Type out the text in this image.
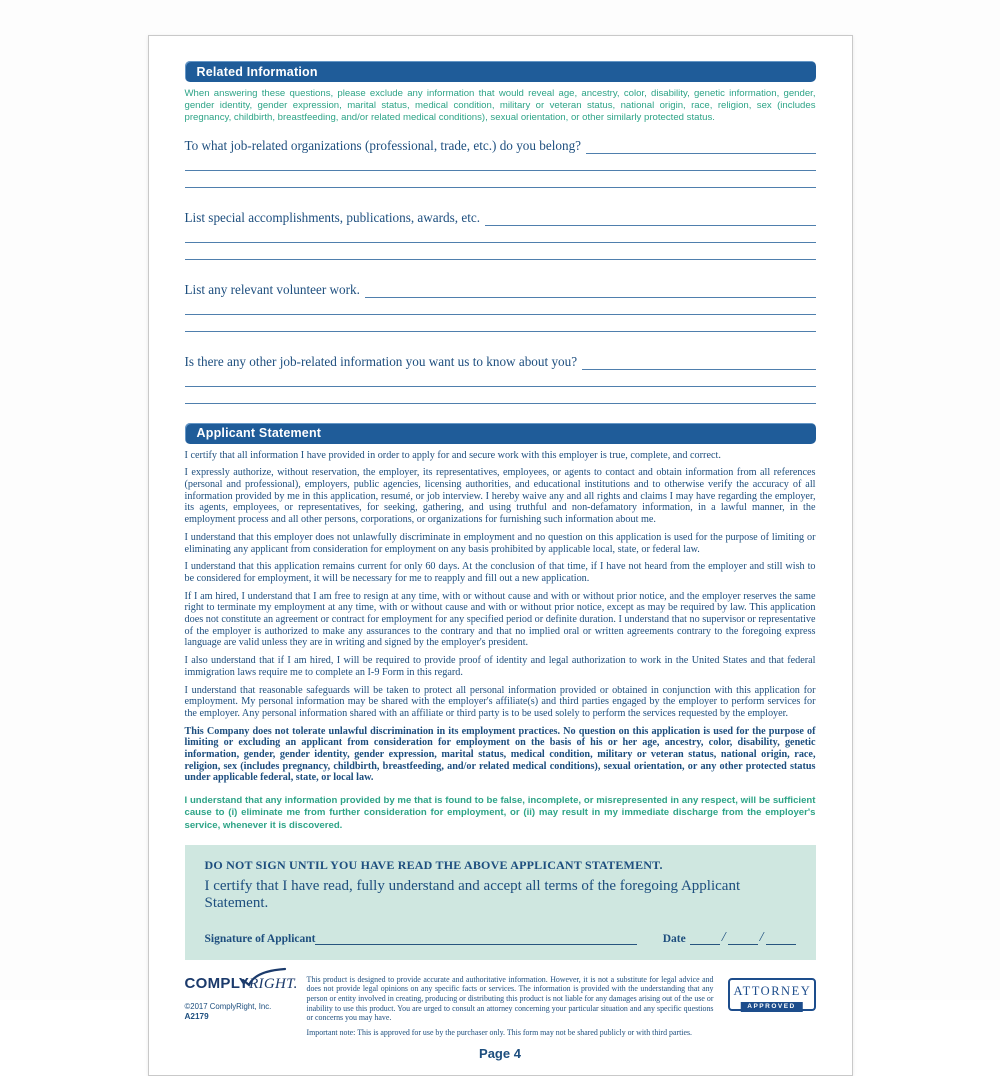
Related Information

When answering these questions, please exclude any information that would reveal age, ancestry, color, disability, genetic information, gender, gender identity, gender expression, marital status, medical condition, military or veteran status, national origin, race, religion, sex (includes pregnancy, childbirth, breastfeeding, and/or related medical conditions), sexual orientation, or other similarly protected status.

To what job-related organizations (professional, trade, etc.) do you belong?
List special accomplishments, publications, awards, etc.
List any relevant volunteer work.
Is there any other job-related information you want us to know about you?
Applicant Statement

I certify that all information I have provided in order to apply for and secure work with this employer is true, complete, and correct.

I expressly authorize, without reservation, the employer, its representatives, employees, or agents to contact and obtain information from all references (personal and professional), employers, public agencies, licensing authorities, and educational institutions and to otherwise verify the accuracy of all information provided by me in this application, resumé, or job interview. I hereby waive any and all rights and claims I may have regarding the employer, its agents, employees, or representatives, for seeking, gathering, and using truthful and non-defamatory information, in a lawful manner, in the employment process and all other persons, corporations, or organizations for furnishing such information about me.

I understand that this employer does not unlawfully discriminate in employment and no question on this application is used for the purpose of limiting or eliminating any applicant from consideration for employment on any basis prohibited by applicable local, state, or federal law.

I understand that this application remains current for only 60 days. At the conclusion of that time, if I have not heard from the employer and still wish to be considered for employment, it will be necessary for me to reapply and fill out a new application.

If I am hired, I understand that I am free to resign at any time, with or without cause and with or without prior notice, and the employer reserves the same right to terminate my employment at any time, with or without cause and with or without prior notice, except as may be required by law. This application does not constitute an agreement or contract for employment for any specified period or definite duration. I understand that no supervisor or representative of the employer is authorized to make any assurances to the contrary and that no implied oral or written agreements contrary to the foregoing express language are valid unless they are in writing and signed by the employer's president.

I also understand that if I am hired, I will be required to provide proof of identity and legal authorization to work in the United States and that federal immigration laws require me to complete an I-9 Form in this regard.

I understand that reasonable safeguards will be taken to protect all personal information provided or obtained in conjunction with this application for employment. My personal information may be shared with the employer's affiliate(s) and third parties engaged by the employer to perform services for the employer. Any personal information shared with an affiliate or third party is to be used solely to perform the services requested by the employer.

This Company does not tolerate unlawful discrimination in its employment practices. No question on this application is used for the purpose of limiting or excluding an applicant from consideration for employment on the basis of his or her age, ancestry, color, disability, genetic information, gender, gender identity, gender expression, marital status, medical condition, military or veteran status, national origin, race, religion, sex (includes pregnancy, childbirth, breastfeeding, and/or related medical conditions), sexual orientation, or any other protected status under applicable federal, state, or local law.

I understand that any information provided by me that is found to be false, incomplete, or misrepresented in any respect, will be sufficient cause to (i) eliminate me from further consideration for employment, or (ii) may result in my immediate discharge from the employer's service, whenever it is discovered.

DO NOT SIGN UNTIL YOU HAVE READ THE ABOVE APPLICANT STATEMENT.
I certify that I have read, fully understand and accept all terms of the foregoing Applicant Statement.
Signature of Applicant	Date	/ /
COMPLYRIGHT.
©2017 ComplyRight, Inc.
A2179

This product is designed to provide accurate and authoritative information. However, it is not a substitute for legal advice and does not provide legal opinions on any specific facts or services. The information is provided with the understanding that any person or entity involved in creating, producing or distributing this product is not liable for any damages arising out of the use or inability to use this product. You are urged to consult an attorney concerning your particular situation and any specific questions or concerns you may have.

Important note: This is approved for use by the purchaser only. This form may not be shared publicly or with third parties.

ATTORNEY
APPROVED
Page 4
